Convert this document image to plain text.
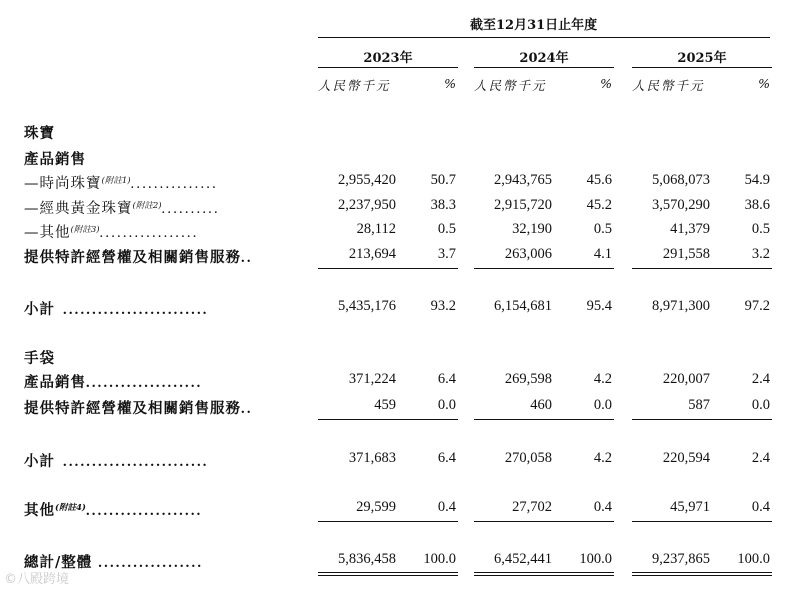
截至12月31日止年度
2023年	2024年	2025年
人民幣千元	% 人民幣千元	% 人民幣千元	%
珠寶
產品銷售
—時尚珠寶$^{(附註1)}$...............	2,955,420	50.7	2,943,765	45.6	5,068,073	54.9
—經典黃金珠寶$^{(附註2)}$..........	2,237,950	38.3	2,915,720	45.2	3,570,290	38.6
—其他$^{(附註3)}$.................	28,112	0.5	32,190	0.5	41,379	0.5
提供特許經營權及相關銷售服務..	213,694	3.7	263,006	4.1	291,558	3.2
小計 .........................	5,435,176	93.2	6,154,681	95.4	8,971,300	97.2
手袋
產品銷售....................	371,224	6.4	269,598	4.2	220,007	2.4
提供特許經營權及相關銷售服務..	459	0.0	460	0.0	587	0.0
小計 .........................	371,683	6.4	270,058	4.2	220,594	2.4
其他$^{(附註4)}$....................	29,599	0.4	27,702	0.4	45,971	0.4
總計/整體 ..................	5,836,458	100.0	6,452,441	100.0	9,237,865	100.0
©八殿跨境
